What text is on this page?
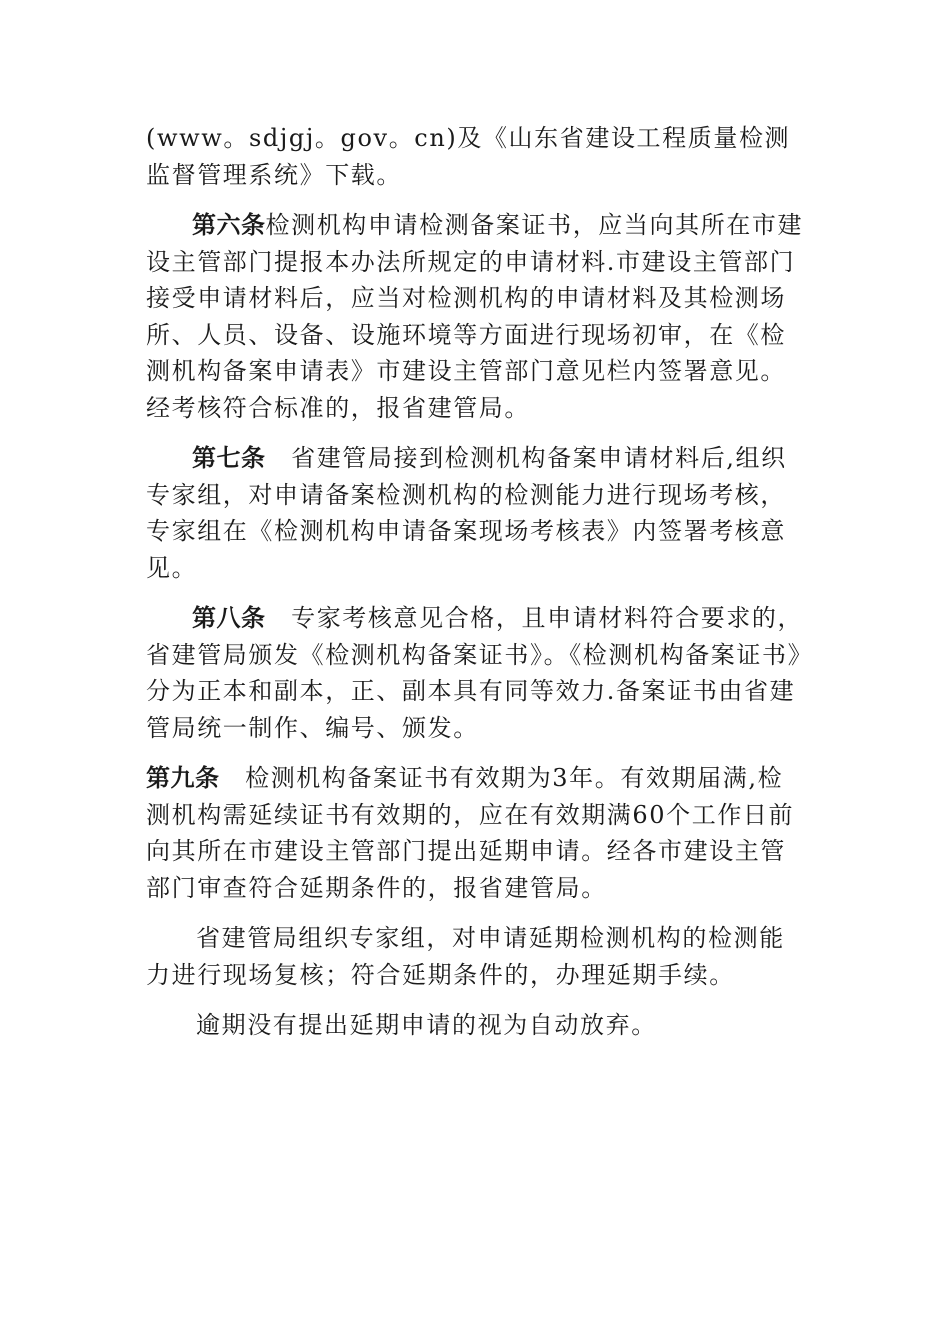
(www。sdjgj。gov。cn)及《山东省建设工程质量检测监督管理系统》下载。

第六条检测机构申请检测备案证书，应当向其所在市建设主管部门提报本办法所规定的申请材料.市建设主管部门接受申请材料后，应当对检测机构的申请材料及其检测场所、人员、设备、设施环境等方面进行现场初审，在《检测机构备案申请表》市建设主管部门意见栏内签署意见。经考核符合标准的，报省建管局。

第七条　省建管局接到检测机构备案申请材料后,组织专家组，对申请备案检测机构的检测能力进行现场考核，专家组在《检测机构申请备案现场考核表》内签署考核意见。

第八条　专家考核意见合格，且申请材料符合要求的，省建管局颁发《检测机构备案证书》。《检测机构备案证书》分为正本和副本，正、副本具有同等效力.备案证书由省建管局统一制作、编号、颁发。

第九条　检测机构备案证书有效期为3年。有效期届满,检测机构需延续证书有效期的，应在有效期满60个工作日前向其所在市建设主管部门提出延期申请。经各市建设主管部门审查符合延期条件的，报省建管局。

省建管局组织专家组，对申请延期检测机构的检测能力进行现场复核；符合延期条件的，办理延期手续。

逾期没有提出延期申请的视为自动放弃。
